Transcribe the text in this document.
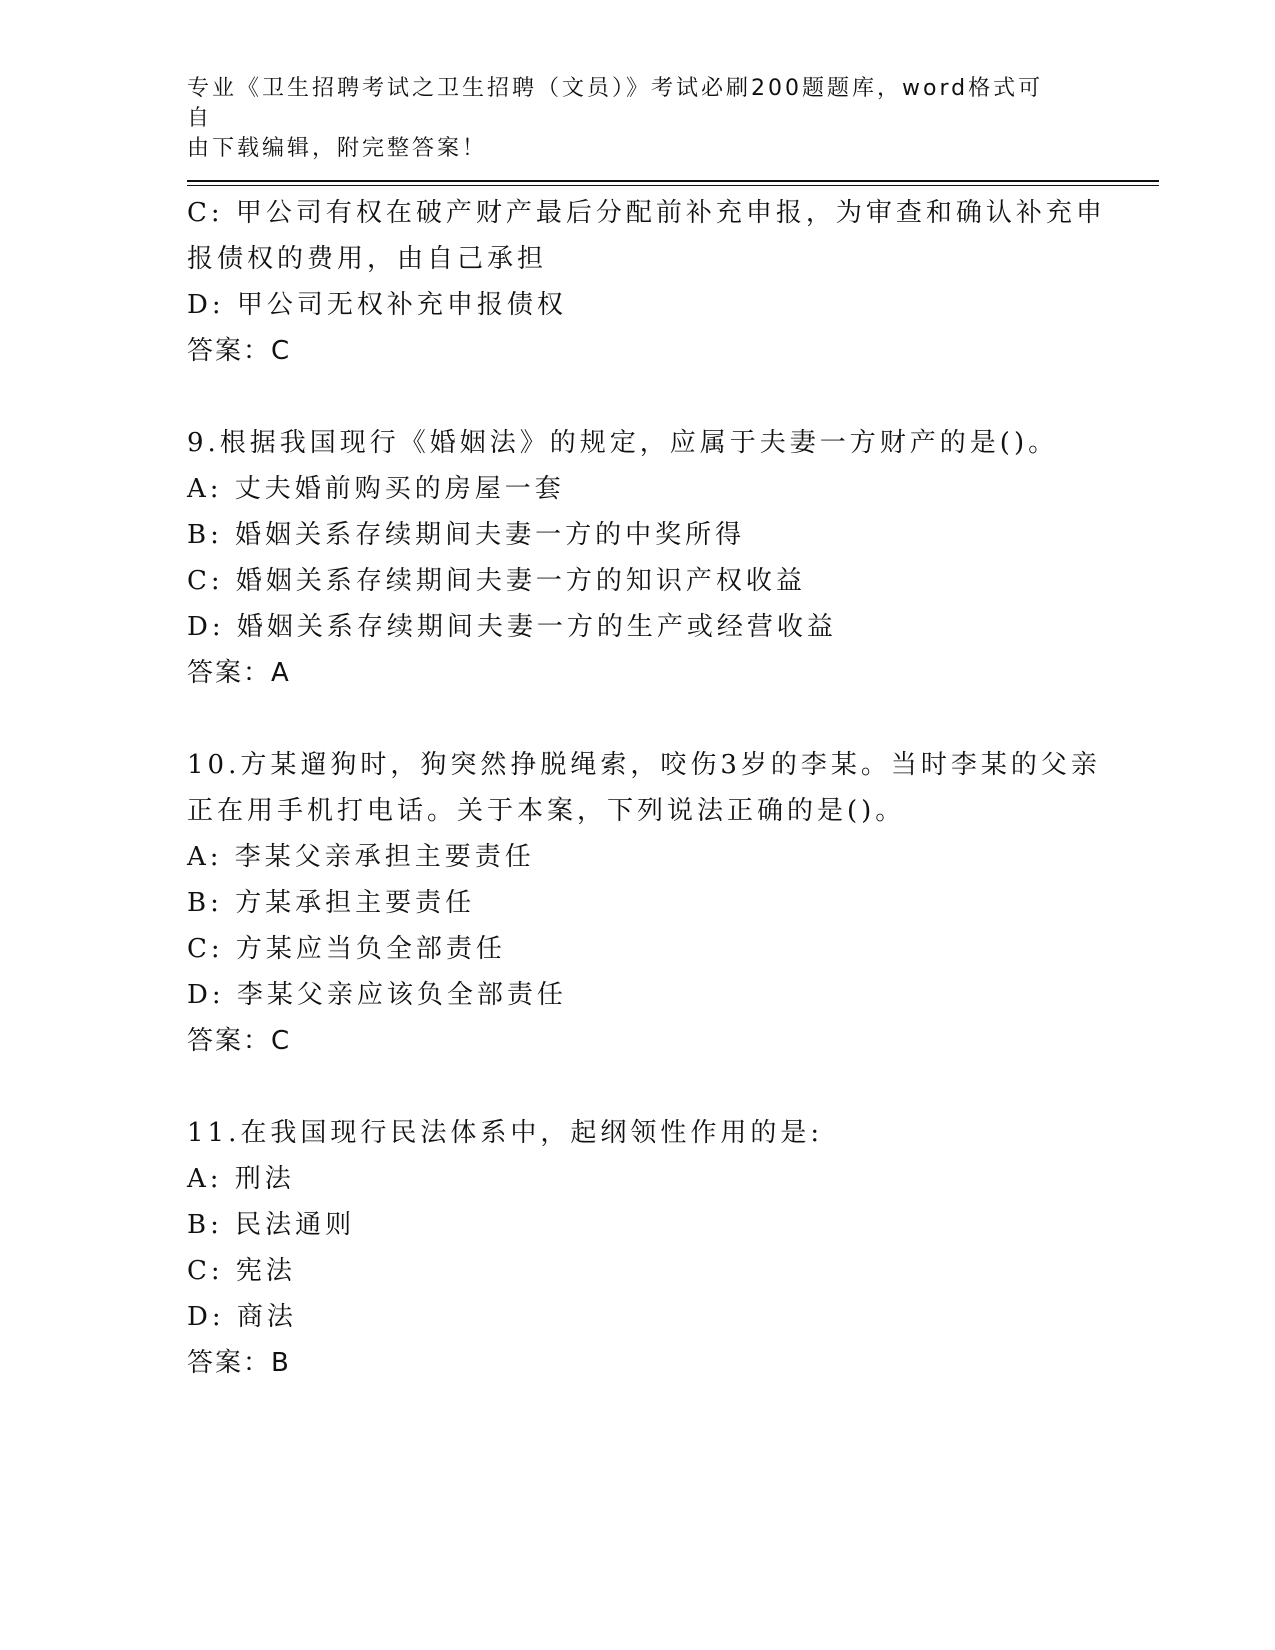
专业《卫生招聘考试之卫生招聘（文员）》考试必刷200题题库，word格式可自
由下载编辑，附完整答案！
C: 甲公司有权在破产财产最后分配前补充申报，为审查和确认补充申
报债权的费用，由自己承担
D: 甲公司无权补充申报债权
答案：C
9.根据我国现行《婚姻法》的规定，应属于夫妻一方财产的是()。
A: 丈夫婚前购买的房屋一套
B: 婚姻关系存续期间夫妻一方的中奖所得
C: 婚姻关系存续期间夫妻一方的知识产权收益
D: 婚姻关系存续期间夫妻一方的生产或经营收益
答案：A
10.方某遛狗时，狗突然挣脱绳索，咬伤3岁的李某。当时李某的父亲
正在用手机打电话。关于本案，下列说法正确的是()。
A: 李某父亲承担主要责任
B: 方某承担主要责任
C: 方某应当负全部责任
D: 李某父亲应该负全部责任
答案：C
11.在我国现行民法体系中，起纲领性作用的是:
A: 刑法
B: 民法通则
C: 宪法
D: 商法
答案：B
